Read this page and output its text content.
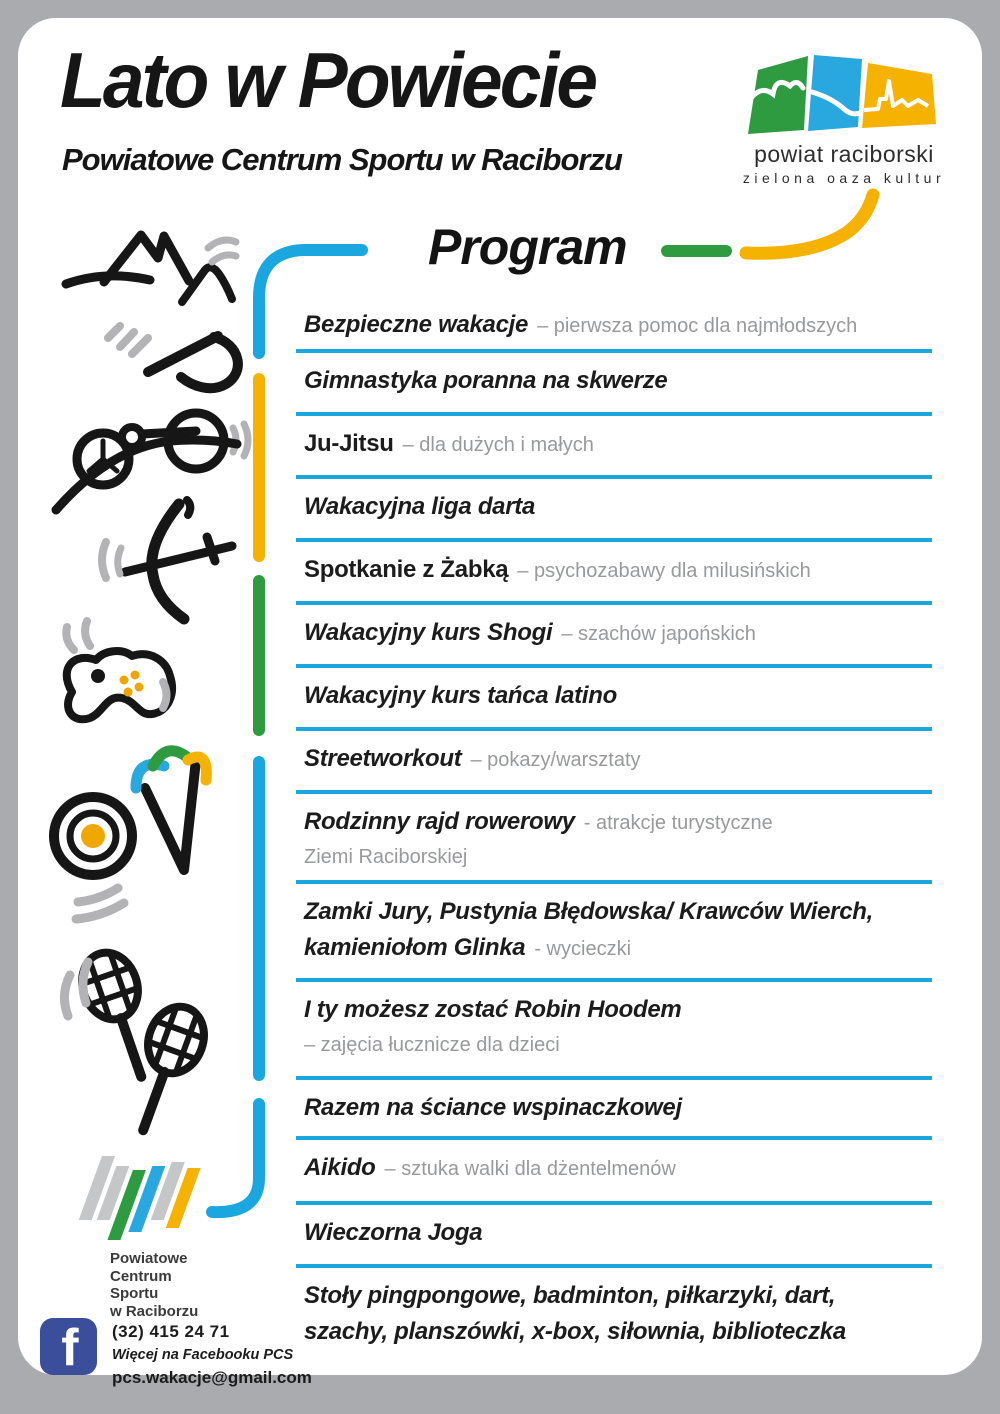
Lato w Powiecie
Powiatowe Centrum Sportu w Raciborzu	powiat raciborski
zielona oaza kultur
Program
Bezpieczne wakacje – pierwsza pomoc dla najmłodszych
Gimnastyka poranna na skwerze
Ju-Jitsu – dla dużych i małych
Wakacyjna liga darta
Spotkanie z Żabką – psychozabawy dla milusińskich
Wakacyjny kurs Shogi – szachów japońskich
Wakacyjny kurs tańca latino
Streetworkout – pokazy/warsztaty
Rodzinny rajd rowerowy - atrakcje turystyczne
Ziemi Raciborskiej
Zamki Jury, Pustynia Błędowska/ Krawców Wierch,
kamieniołom Glinka - wycieczki
I ty możesz zostać Robin Hoodem
– zajęcia łucznicze dla dzieci
Razem na ściance wspinaczkowej
Aikido – sztuka walki dla dżentelmenów
Wieczorna Joga
Stoły pingpongowe, badminton, piłkarzyki, dart,
szachy, planszówki, x-box, siłownia, biblioteczka
Powiatowe
Centrum
Sportu
w Raciborzu
f (32) 415 24 71
Więcej na Facebooku PCS
pcs.wakacje@gmail.com
